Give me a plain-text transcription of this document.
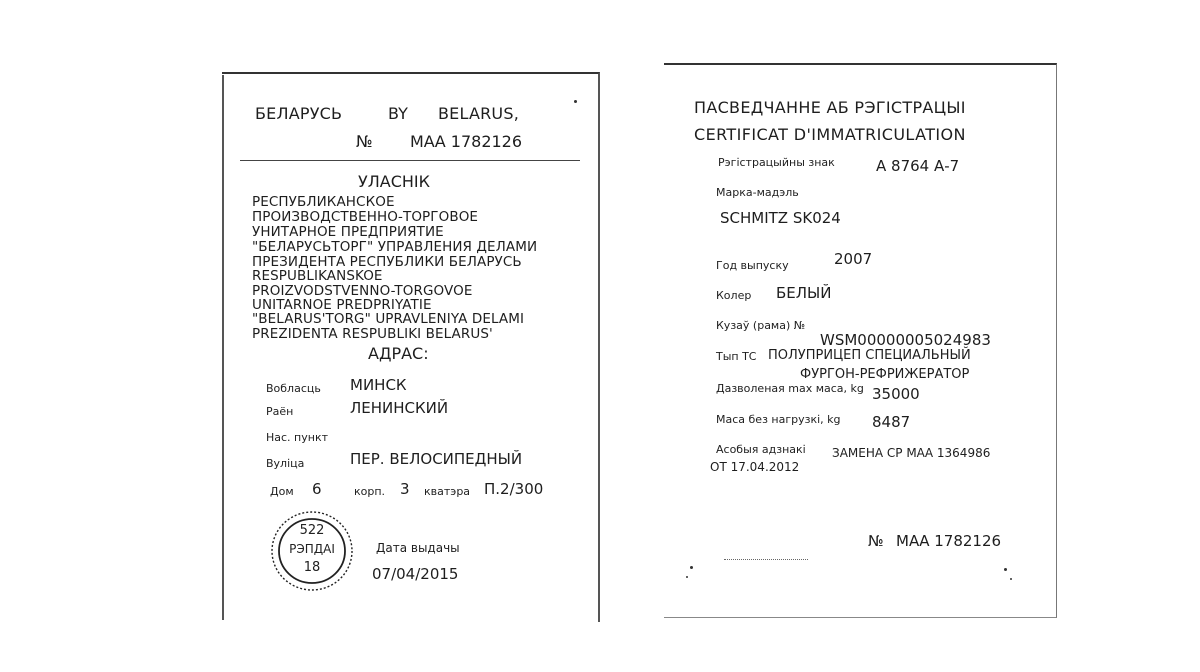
БЕЛАРУСЬ	BY BELARUS,
№ МАА 1782126
УЛАСНІК
РЕСПУБЛИКАНСКОЕ
ПРОИЗВОДСТВЕННО-ТОРГОВОЕ
УНИТАРНОЕ ПРЕДПРИЯТИЕ
"БЕЛАРУСЬТОРГ" УПРАВЛЕНИЯ ДЕЛАМИ
ПРЕЗИДЕНТА РЕСПУБЛИКИ БЕЛАРУСЬ
RESPUBLIKANSKOE
PROIZVODSTVENNO-TORGOVOE
UNITARNOE PREDPRIYATIE
"BELARUS'TORG" UPRAVLENIYA DELAMI
PREZIDENTA RESPUBLIKI BELARUS'
АДРАС:
Вобласць МИНСК
Раён	ЛЕНИНСКИЙ
Нас. пункт
Вуліца	ПЕР. ВЕЛОСИПЕДНЫЙ
Дом 6	корп. 3 кватэра П.2/300
522
РЭПДАІ
18
Дата выдачы
07/04/2015
ПАСВЕДЧАННЕ АБ РЭГІСТРАЦЫІ
CERTIFICAT D'IMMATRICULATION
Рэгістрацыйны знак	А 8764 А-7
Марка-мадэль
SCHMITZ SK024
Год выпуску	2007
Колер БЕЛЫЙ
Кузаў (рама) №
WSM00000005024983
Тып ТС ПОЛУПРИЦЕП СПЕЦИАЛЬНЫЙ
ФУРГОН-РЕФРИЖЕРАТОР
Дазволеная max маса, kg 35000
Маса без нагрузкі, kg 8487
Асобыя адзнакі ЗАМЕНА СР МАА 1364986
ОТ 17.04.2012
№ МАА 1782126
